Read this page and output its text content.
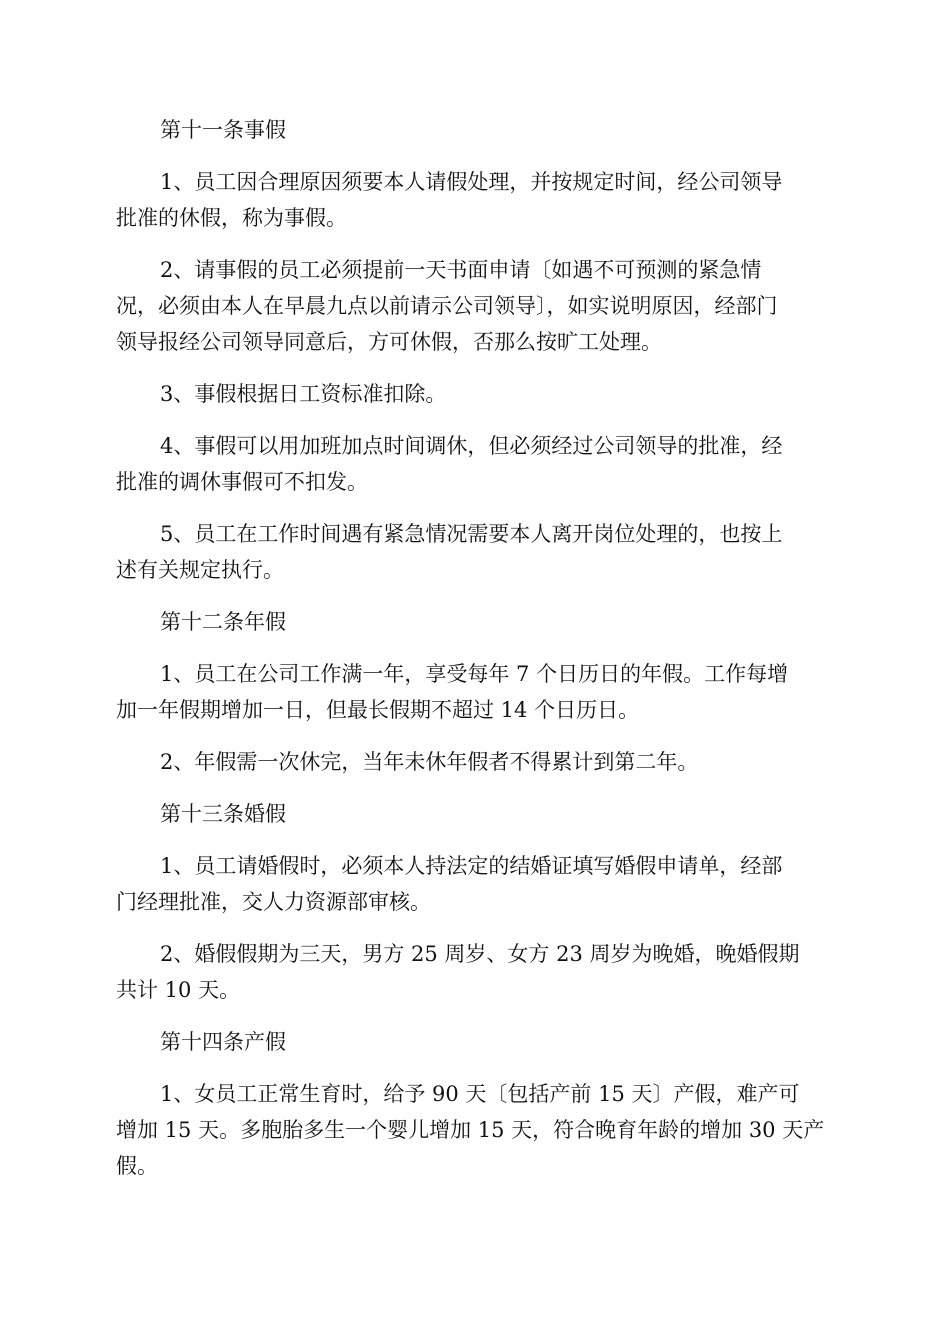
第十一条事假

1、员工因合理原因须要本人请假处理，并按规定时间，经公司领导
批准的休假，称为事假。

2、请事假的员工必须提前一天书面申请〔如遇不可预测的紧急情
况，必须由本人在早晨九点以前请示公司领导〕，如实说明原因，经部门
领导报经公司领导同意后，方可休假，否那么按旷工处理。

3、事假根据日工资标准扣除。

4、事假可以用加班加点时间调休，但必须经过公司领导的批准，经
批准的调休事假可不扣发。

5、员工在工作时间遇有紧急情况需要本人离开岗位处理的，也按上
述有关规定执行。

第十二条年假

1、员工在公司工作满一年，享受每年 7 个日历日的年假。工作每增
加一年假期增加一日，但最长假期不超过 14 个日历日。

2、年假需一次休完，当年未休年假者不得累计到第二年。

第十三条婚假

1、员工请婚假时，必须本人持法定的结婚证填写婚假申请单，经部
门经理批准，交人力资源部审核。

2、婚假假期为三天，男方 25 周岁、女方 23 周岁为晚婚，晚婚假期
共计 10 天。

第十四条产假

1、女员工正常生育时，给予 90 天〔包括产前 15 天〕产假，难产可
增加 15 天。多胞胎多生一个婴儿增加 15 天，符合晚育年龄的增加 30 天产
假。
